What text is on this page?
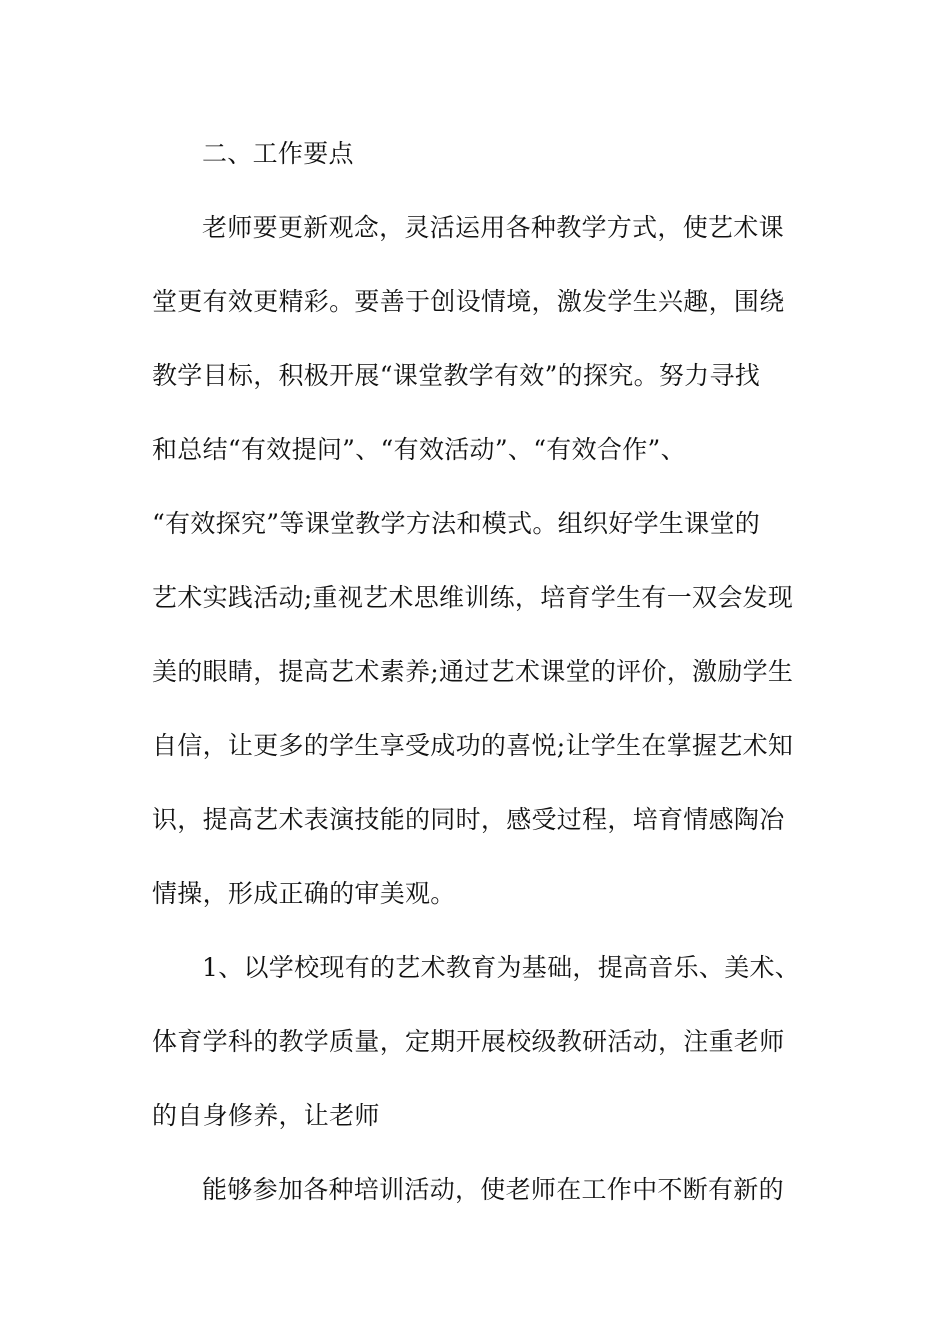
二、工作要点
老师要更新观念，灵活运用各种教学方式，使艺术课
堂更有效更精彩。要善于创设情境，激发学生兴趣，围绕
教学目标，积极开展“课堂教学有效”的探究。努力寻找
和总结“有效提问”、“有效活动”、“有效合作”、
“有效探究”等课堂教学方法和模式。组织好学生课堂的
艺术实践活动;重视艺术思维训练，培育学生有一双会发现
美的眼睛，提高艺术素养;通过艺术课堂的评价，激励学生
自信，让更多的学生享受成功的喜悦;让学生在掌握艺术知
识，提高艺术表演技能的同时，感受过程，培育情感陶冶
情操，形成正确的审美观。
1、以学校现有的艺术教育为基础，提高音乐、美术、
体育学科的教学质量，定期开展校级教研活动，注重老师
的自身修养，让老师
能够参加各种培训活动，使老师在工作中不断有新的
